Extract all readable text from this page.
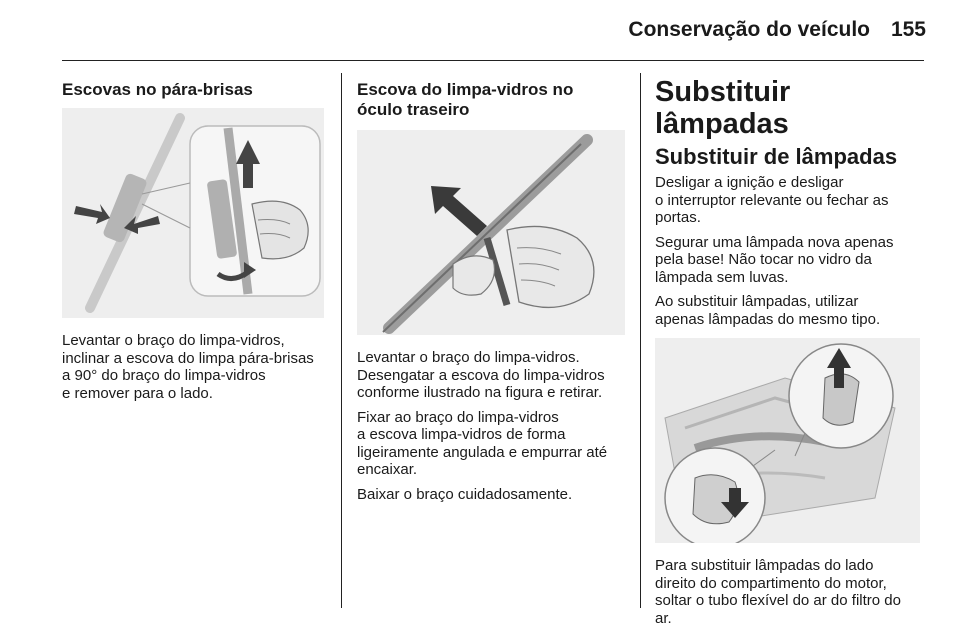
Conservação do veículo 155
Escovas no pára-brisas

Levantar o braço do limpa-vidros,
inclinar a escova do limpa pára-brisas
a 90° do braço do limpa-vidros
e remover para o lado.

Escova do limpa-vidros no
óculo traseiro

Levantar o braço do limpa-vidros.
Desengatar a escova do limpa-vidros
conforme ilustrado na figura e retirar.

Fixar ao braço do limpa-vidros
a escova limpa-vidros de forma
ligeiramente angulada e empurrar até
encaixar.

Baixar o braço cuidadosamente.

Substituir lâmpadas
Substituir de lâmpadas

Desligar a ignição e desligar
o interruptor relevante ou fechar as
portas.

Segurar uma lâmpada nova apenas
pela base! Não tocar no vidro da
lâmpada sem luvas.

Ao substituir lâmpadas, utilizar
apenas lâmpadas do mesmo tipo.

Para substituir lâmpadas do lado
direito do compartimento do motor,
soltar o tubo flexível do ar do filtro do
ar.
